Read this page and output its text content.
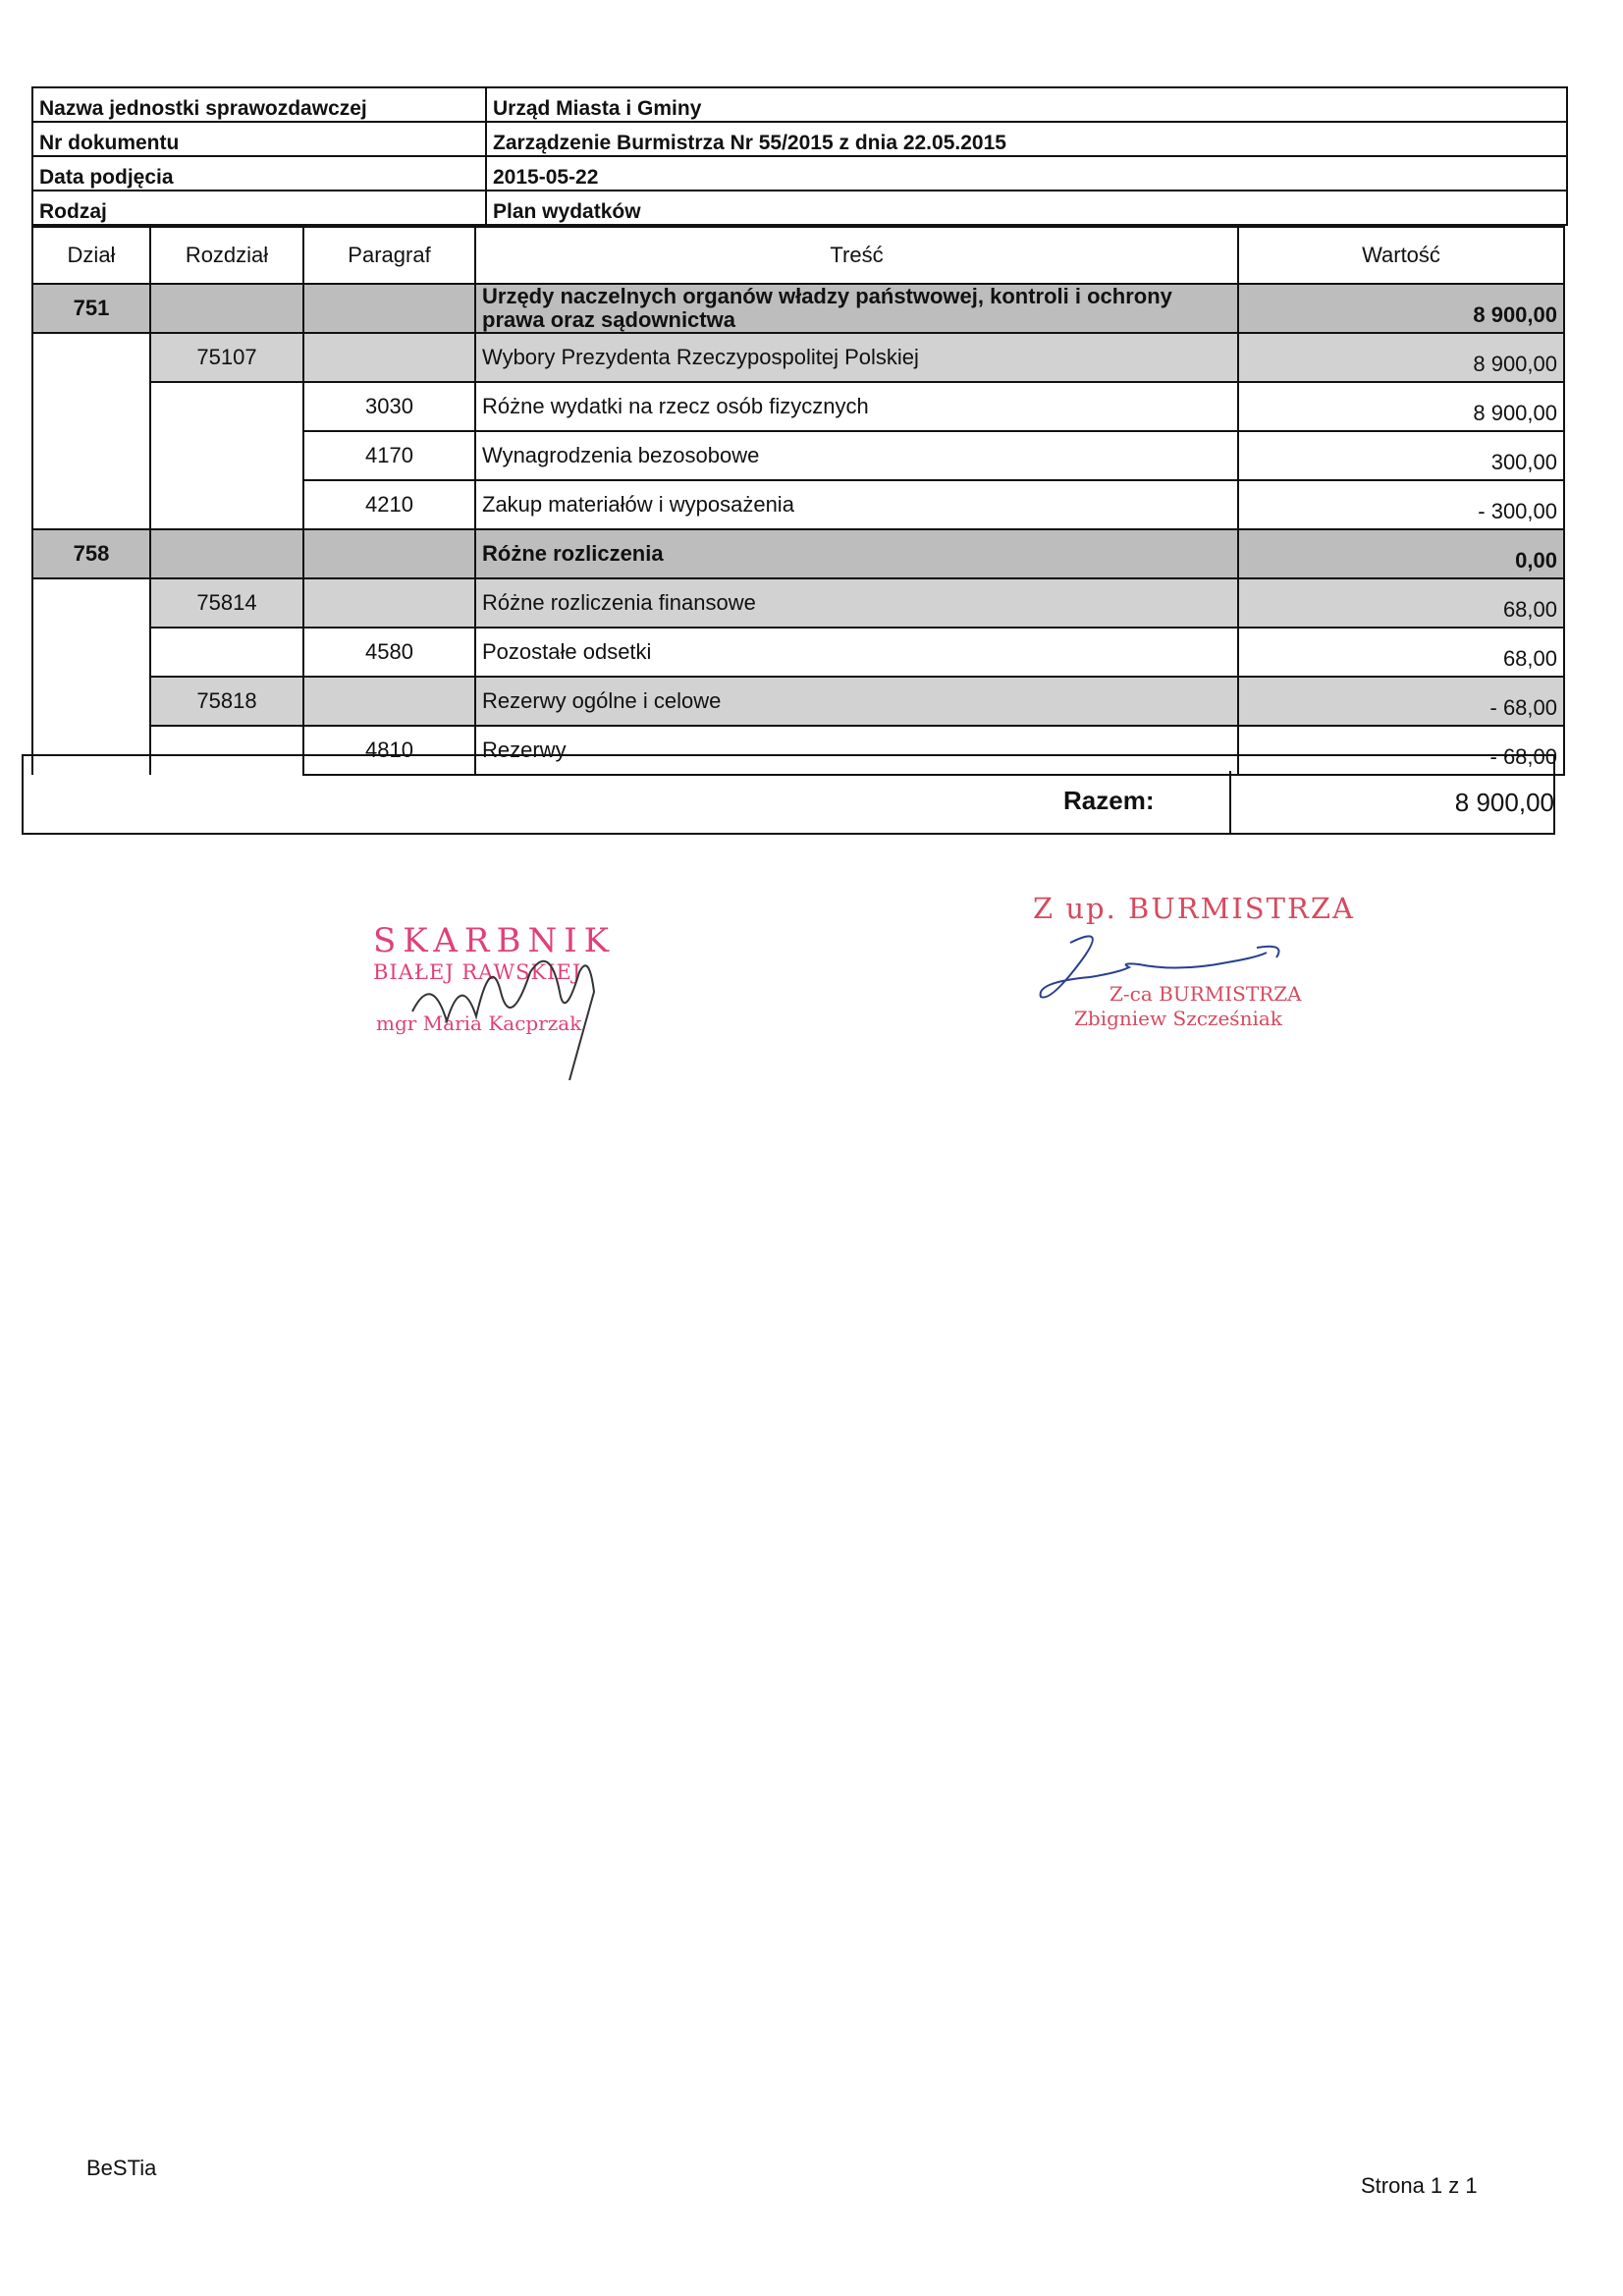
Nazwa jednostki sprawozdawczej	Urząd Miasta i Gminy
Nr dokumentu	Zarządzenie Burmistrza Nr 55/2015 z dnia 22.05.2015
Data podjęcia	2015-05-22
Rodzaj	Plan wydatków
Dział	Rozdział	Paragraf	Treść	Wartość
751			Urzędy naczelnych organów władzy państwowej, kontroli i ochrony prawa oraz sądownictwa	8 900,00
	75107		Wybory Prezydenta Rzeczypospolitej Polskiej	8 900,00
		3030	Różne wydatki na rzecz osób fizycznych	8 900,00
		4170	Wynagrodzenia bezosobowe	300,00
		4210	Zakup materiałów i wyposażenia	- 300,00
758			Różne rozliczenia	0,00
	75814		Różne rozliczenia finansowe	68,00
		4580	Pozostałe odsetki	68,00
	75818		Rezerwy ogólne i celowe	- 68,00
		4810	Rezerwy	- 68,00
Razem:	8 900,00
SKARBNIK
BIAŁEJ RAWSKIEJ
mgr Maria Kacprzak
Z up. BURMISTRZA
Z-ca BURMISTRZA
Zbigniew Szcześniak
BeSTia
Strona 1 z 1
